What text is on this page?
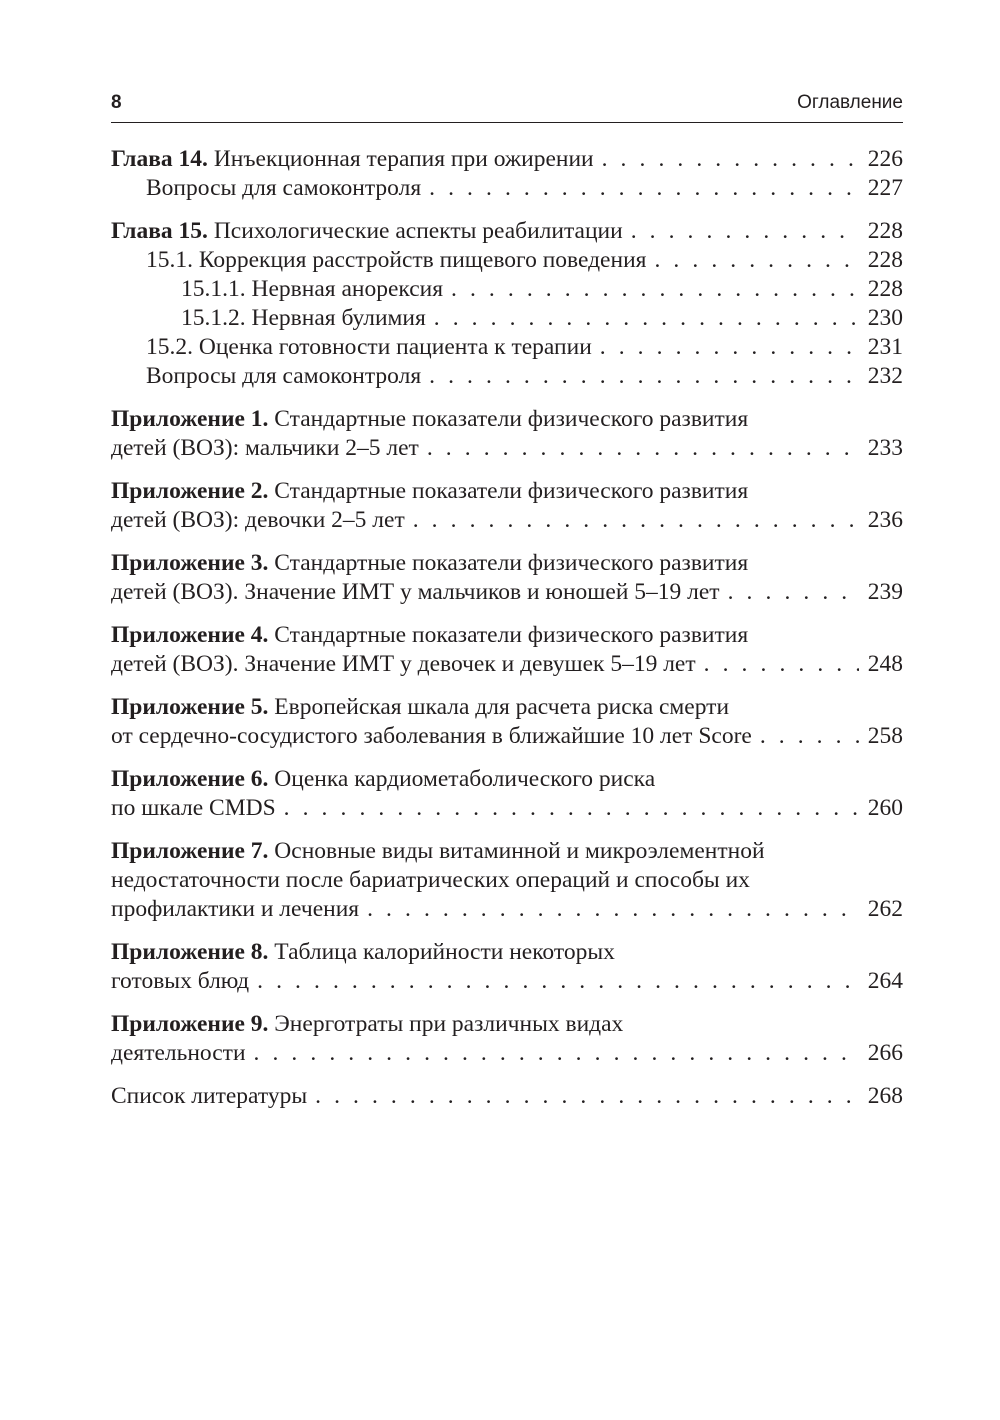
8	Оглавление
Глава 14. Инъекционная терапия при ожирении . . .	226
Вопросы для самоконтроля . . .	227
Глава 15. Психологические аспекты реабилитации . . .	228
15.1. Коррекция расстройств пищевого поведения . . .	228
15.1.1. Нервная анорексия . . .	228
15.1.2. Нервная булимия . . .	230
15.2. Оценка готовности пациента к терапии . . .	231
Вопросы для самоконтроля . . .	232
Приложение 1. Стандартные показатели физического развития
детей (ВОЗ): мальчики 2–5 лет . . .	233
Приложение 2. Стандартные показатели физического развития
детей (ВОЗ): девочки 2–5 лет . . .	236
Приложение 3. Стандартные показатели физического развития
детей (ВОЗ). Значение ИМТ у мальчиков и юношей 5–19 лет . . .	239
Приложение 4. Стандартные показатели физического развития
детей (ВОЗ). Значение ИМТ у девочек и девушек 5–19 лет . . .	248
Приложение 5. Европейская шкала для расчета риска смерти
от сердечно-сосудистого заболевания в ближайшие 10 лет Score . . .	258
Приложение 6. Оценка кардиометаболического риска
по шкале CMDS . . .	260
Приложение 7. Основные виды витаминной и микроэлементной
недостаточности после бариатрических операций и способы их
профилактики и лечения . . .	262
Приложение 8. Таблица калорийности некоторых
готовых блюд . . .	264
Приложение 9. Энерготраты при различных видах
деятельности . . .	266
Список литературы . . .	268
